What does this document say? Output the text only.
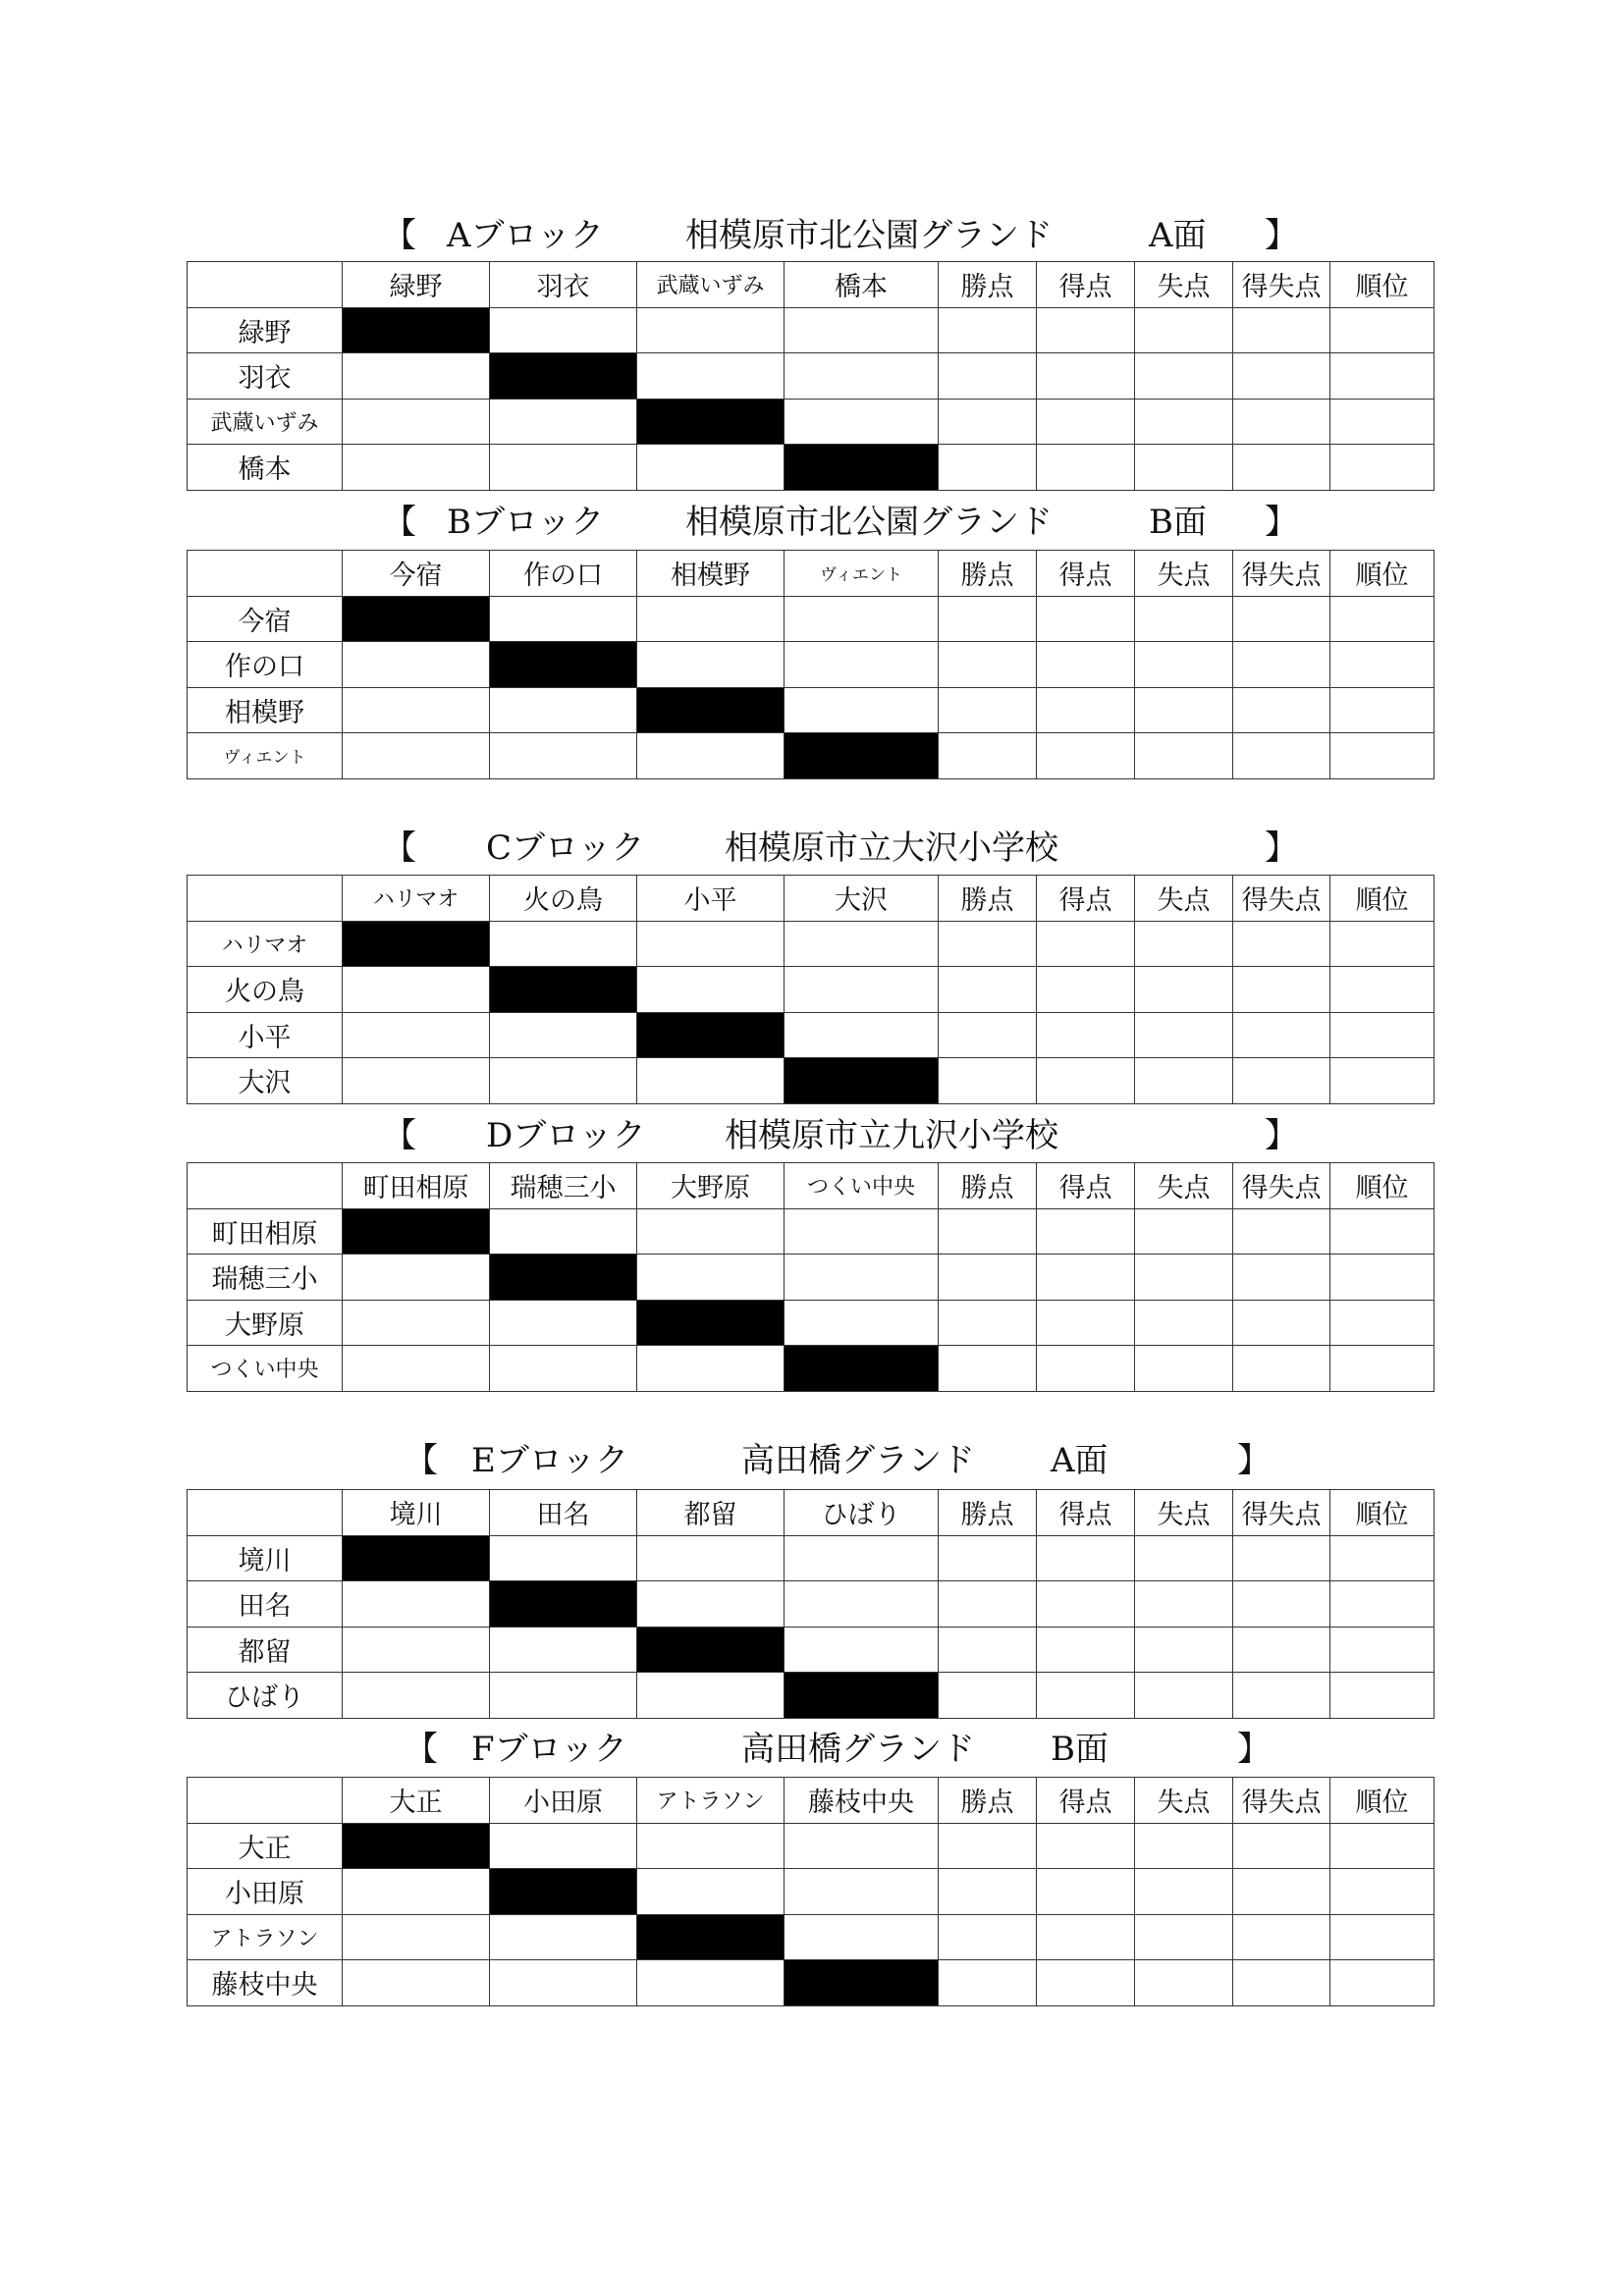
【 Aブロック 相模原市北公園グランド	A面 】
	緑野	羽衣	武蔵いずみ	橋本	勝点	得点	失点	得失点	順位
緑野									
羽衣									
武蔵いずみ									
橋本									
【 Bブロック 相模原市北公園グランド	B面 】
	今宿	作の口	相模野	ヴィエント	勝点	得点	失点	得失点	順位
今宿									
作の口									
相模野									
ヴィエント									
【 Cブロック 相模原市立大沢小学校	】
	ハリマオ	火の鳥	小平	大沢	勝点	得点	失点	得失点	順位
ハリマオ									
火の鳥									
小平									
大沢									
【 Dブロック 相模原市立九沢小学校	】
	町田相原	瑞穂三小	大野原	つくい中央	勝点	得点	失点	得失点	順位
町田相原									
瑞穂三小									
大野原									
つくい中央									
【 Eブロック	高田橋グランド A面	】
	境川	田名	都留	ひばり	勝点	得点	失点	得失点	順位
境川									
田名									
都留									
ひばり									
【 Fブロック	高田橋グランド B面	】
	大正	小田原	アトラソン	藤枝中央	勝点	得点	失点	得失点	順位
大正									
小田原									
アトラソン									
藤枝中央									
